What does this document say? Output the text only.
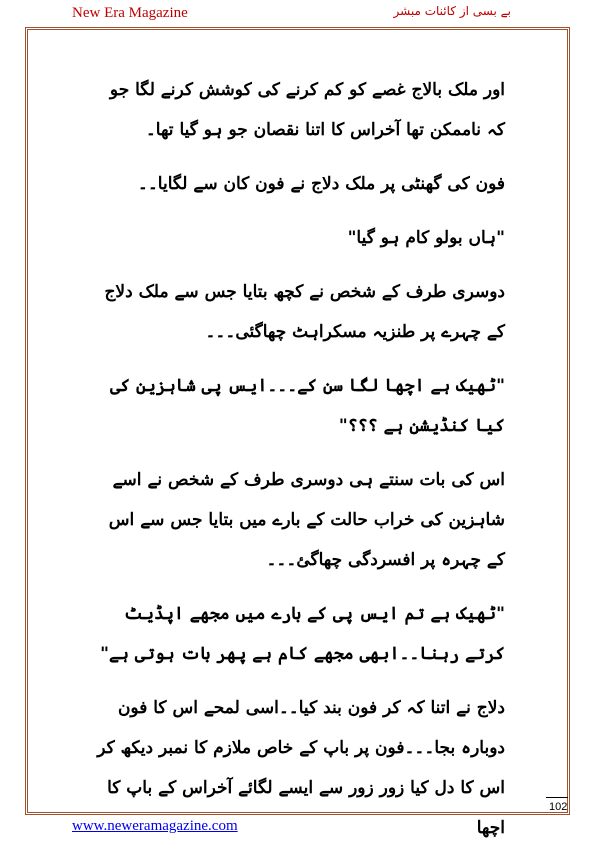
New Era Magazine	بے بسی از کائنات مبشر

اور ملک بالاج غصے کو کم کرنے کی کوشش کرنے لگا جو کہ ناممکن تھا آخراس کا اتنا نقصان جو ہو گیا تھا۔

فون کی گھنٹی پر ملک دلاج نے فون کان سے لگایا۔۔

"ہاں بولو کام ہو گیا"

دوسری طرف کے شخص نے کچھ بتایا جس سے ملک دلاج کے چہرے پر طنزیہ مسکراہٹ چھاگئی۔۔۔

"ٹھیک ہے اچھا لگا سن کے۔۔۔ایس پی شاہزین کی کیا کنڈیشن ہے ؟؟؟"

اس کی بات سنتے ہی دوسری طرف کے شخص نے اسے شاہزین کی خراب حالت کے بارے میں بتایا جس سے اس کے چہرہ پر افسردگی چھاگئ۔۔۔

"ٹھیک ہے تم ایس پی کے بارے میں مجھے اپڈیٹ کرتے رہنا۔۔ابھی مجھے کام ہے پھر بات ہوتی ہے"

دلاج نے اتنا کہ کر فون بند کیا۔۔اسی لمحے اس کا فون دوبارہ بجا۔۔۔فون پر باپ کے خاص ملازم کا نمبر دیکھ کر اس کا دل کیا زور زور سے ایسے لگائے آخراس کے باپ کا اچھا

102
www.neweramagazine.com
